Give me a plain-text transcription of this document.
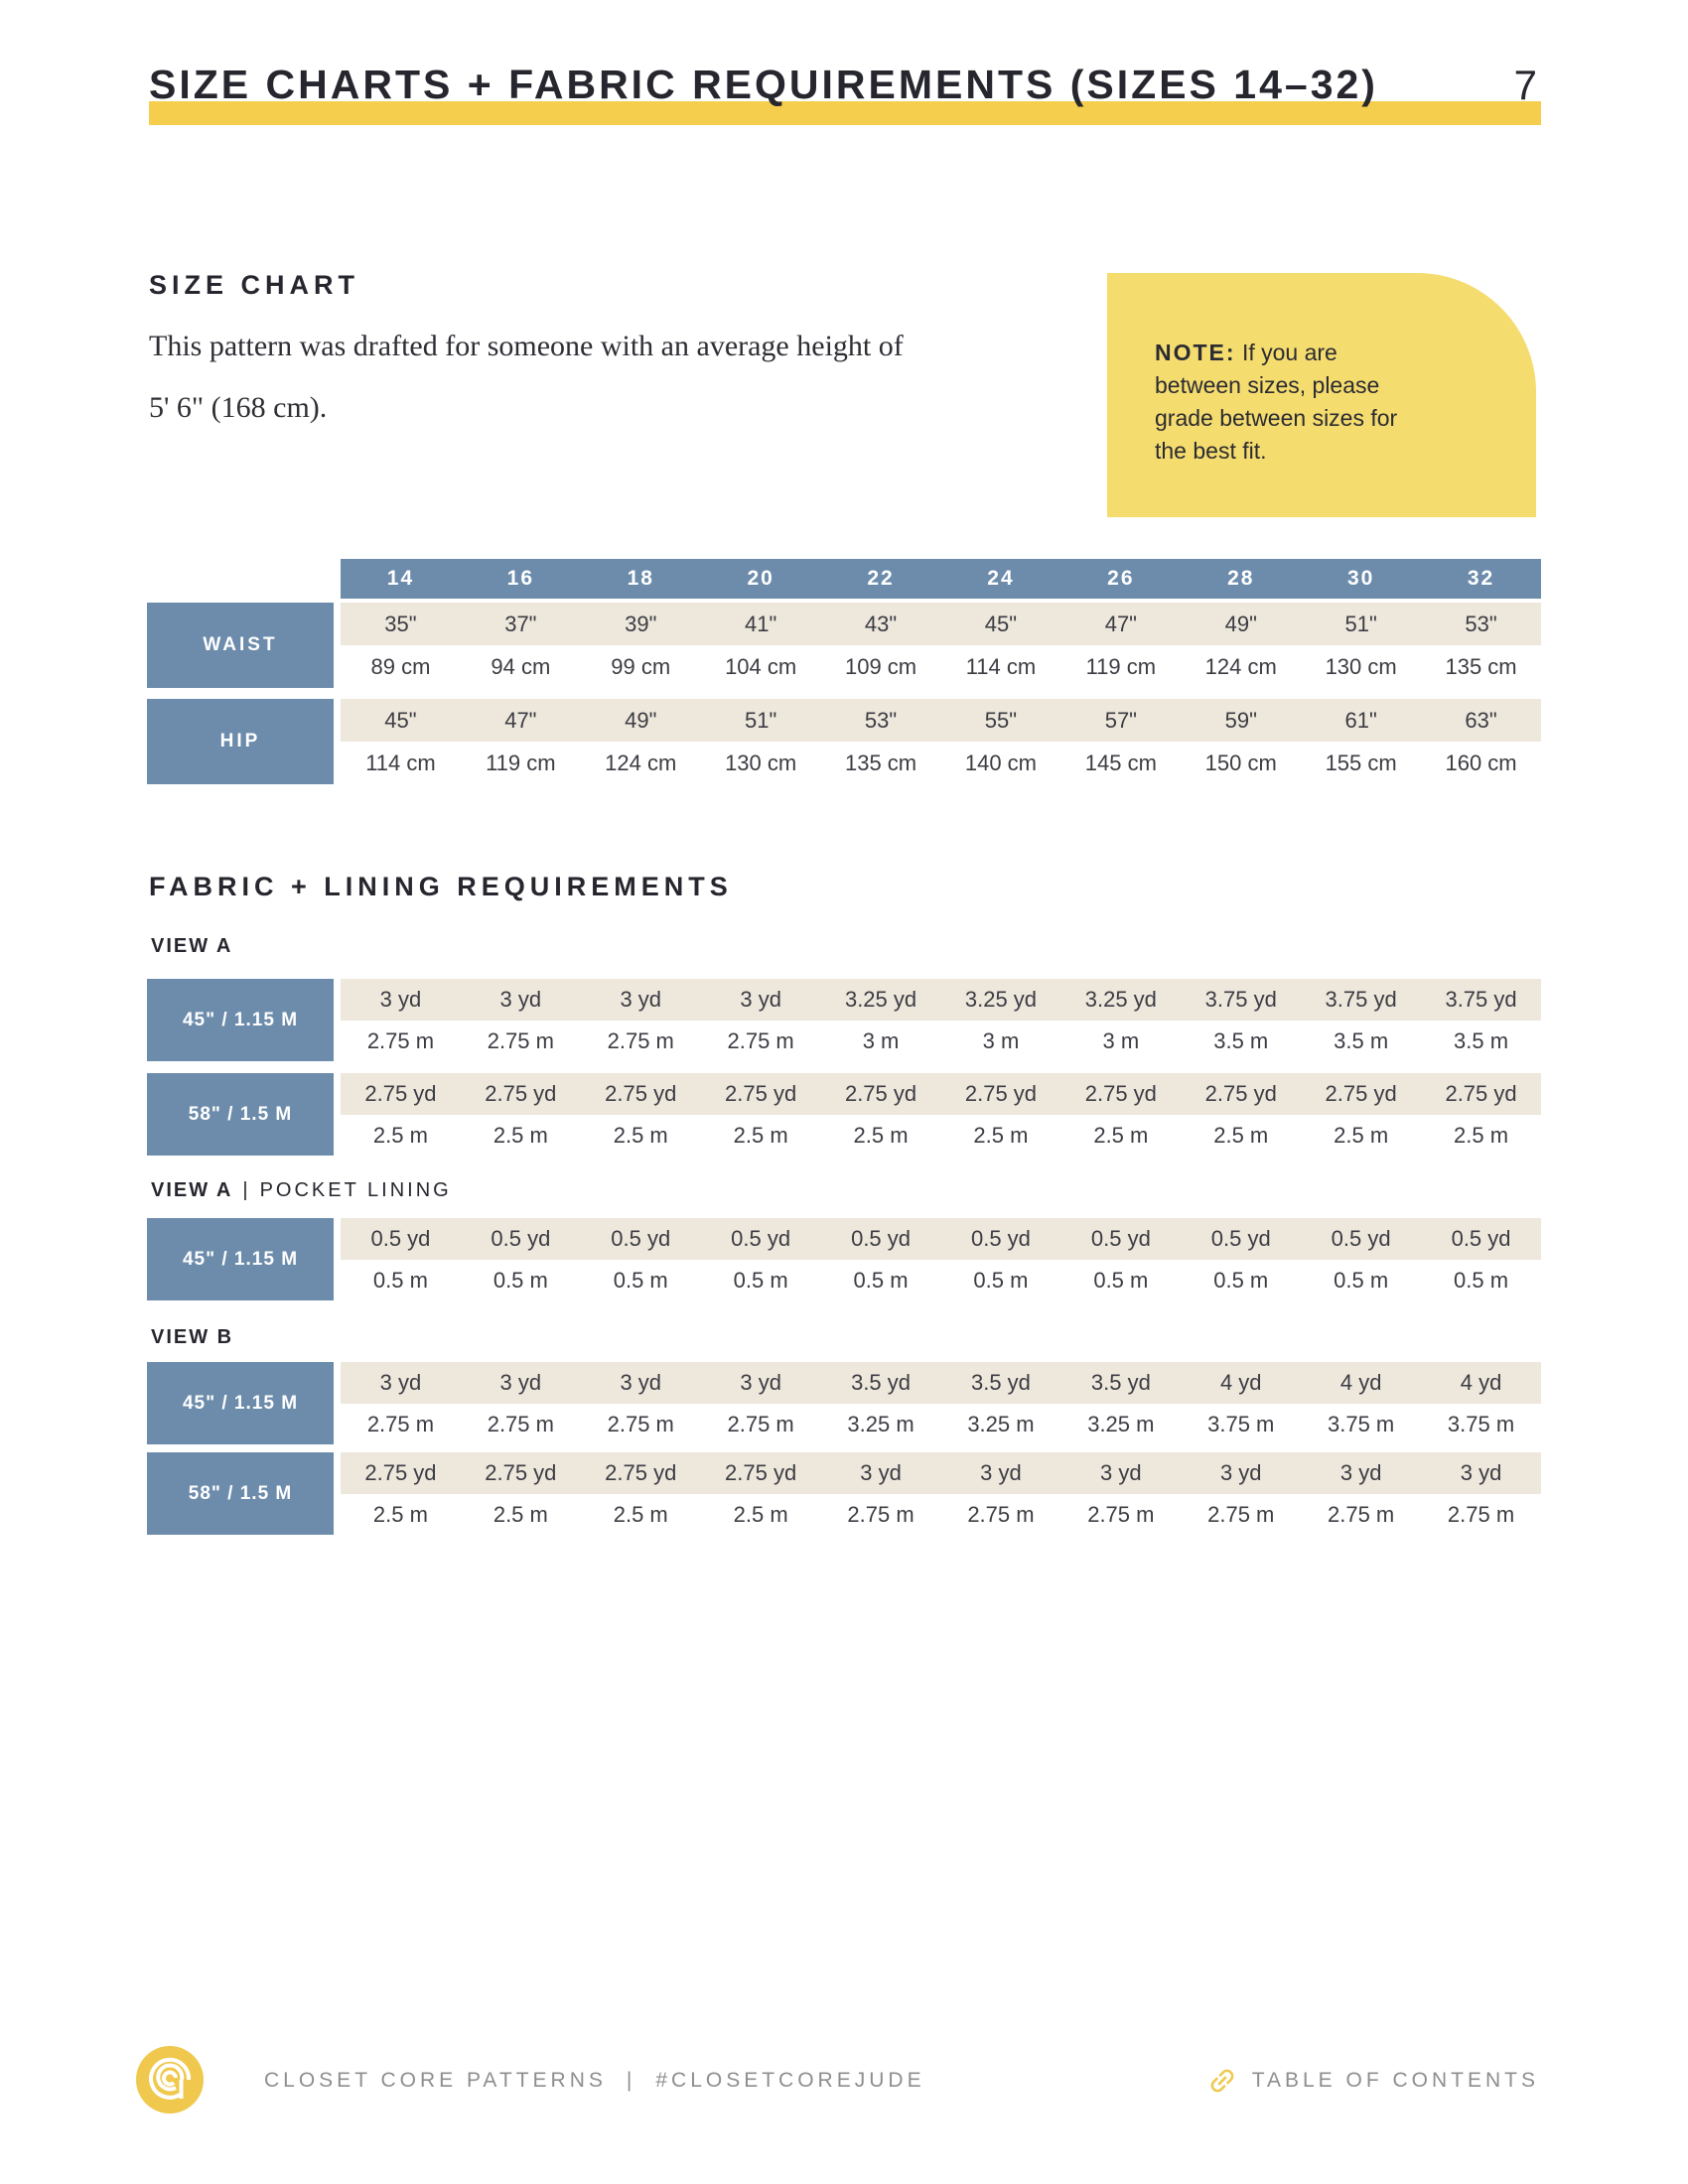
SIZE CHARTS + FABRIC REQUIREMENTS (SIZES 14–32)	7
SIZE CHART

This pattern was drafted for someone with an average height of
5' 6" (168 cm).

NOTE: If you are
between sizes, please
grade between sizes for
the best fit.

14	16	18	20	22	24	26	28	30	32
WAIST
35"	37"	39"	41"	43"	45"	47"	49"	51"	53"
89 cm	94 cm	99 cm	104 cm	109 cm	114 cm	119 cm	124 cm	130 cm	135 cm
HIP
45"	47"	49"	51"	53"	55"	57"	59"	61"	63"
114 cm	119 cm	124 cm	130 cm	135 cm	140 cm	145 cm	150 cm	155 cm	160 cm
FABRIC + LINING REQUIREMENTS
VIEW A
45" / 1.15 M
3 yd	3 yd	3 yd	3 yd	3.25 yd	3.25 yd	3.25 yd	3.75 yd	3.75 yd	3.75 yd
2.75 m	2.75 m	2.75 m	2.75 m	3 m	3 m	3 m	3.5 m	3.5 m	3.5 m
58" / 1.5 M
2.75 yd	2.75 yd	2.75 yd	2.75 yd	2.75 yd	2.75 yd	2.75 yd	2.75 yd	2.75 yd	2.75 yd
2.5 m	2.5 m	2.5 m	2.5 m	2.5 m	2.5 m	2.5 m	2.5 m	2.5 m	2.5 m
VIEW A | POCKET LINING
45" / 1.15 M
0.5 yd	0.5 yd	0.5 yd	0.5 yd	0.5 yd	0.5 yd	0.5 yd	0.5 yd	0.5 yd	0.5 yd
0.5 m	0.5 m	0.5 m	0.5 m	0.5 m	0.5 m	0.5 m	0.5 m	0.5 m	0.5 m
VIEW B
45" / 1.15 M
3 yd	3 yd	3 yd	3 yd	3.5 yd	3.5 yd	3.5 yd	4 yd	4 yd	4 yd
2.75 m	2.75 m	2.75 m	2.75 m	3.25 m	3.25 m	3.25 m	3.75 m	3.75 m	3.75 m
58" / 1.5 M
2.75 yd	2.75 yd	2.75 yd	2.75 yd	3 yd	3 yd	3 yd	3 yd	3 yd	3 yd
2.5 m	2.5 m	2.5 m	2.5 m	2.75 m	2.75 m	2.75 m	2.75 m	2.75 m	2.75 m
CLOSET CORE PATTERNS | #CLOSETCOREJUDE	TABLE OF CONTENTS
